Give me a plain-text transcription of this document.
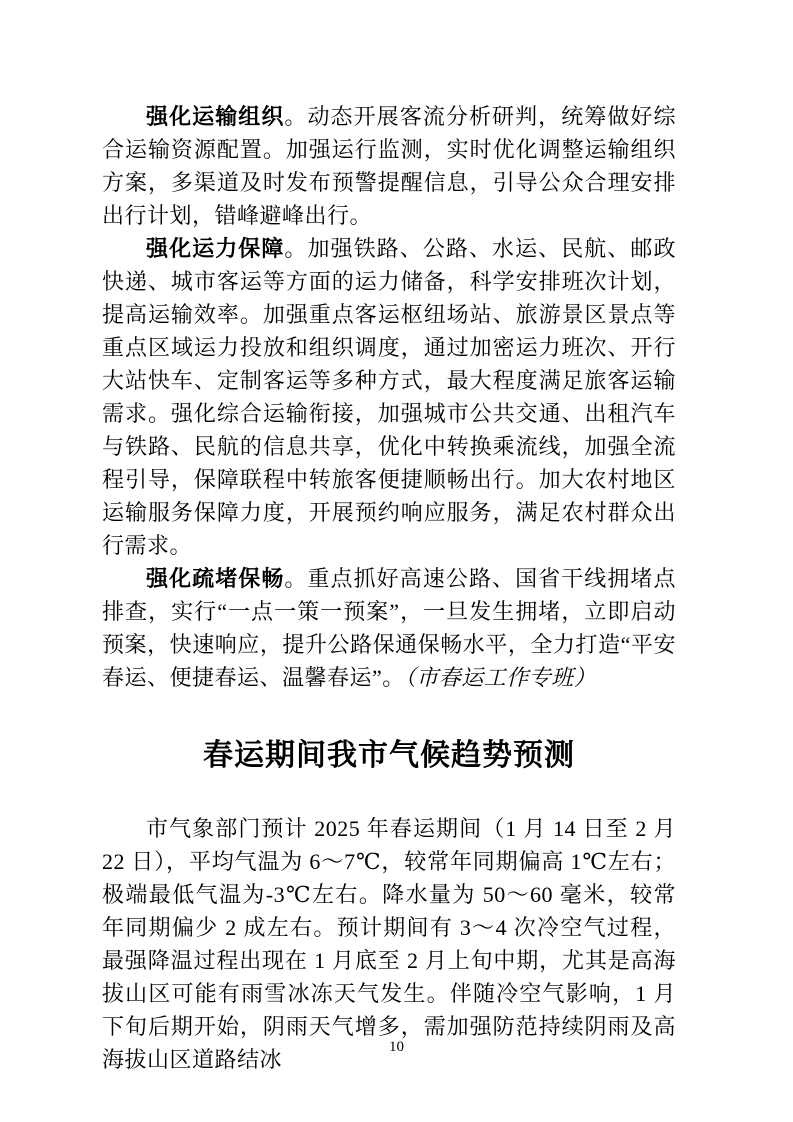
强化运输组织。动态开展客流分析研判，统筹做好综合运输资源配置。加强运行监测，实时优化调整运输组织方案，多渠道及时发布预警提醒信息，引导公众合理安排出行计划，错峰避峰出行。

强化运力保障。加强铁路、公路、水运、民航、邮政快递、城市客运等方面的运力储备，科学安排班次计划，提高运输效率。加强重点客运枢纽场站、旅游景区景点等重点区域运力投放和组织调度，通过加密运力班次、开行大站快车、定制客运等多种方式，最大程度满足旅客运输需求。强化综合运输衔接，加强城市公共交通、出租汽车与铁路、民航的信息共享，优化中转换乘流线，加强全流程引导，保障联程中转旅客便捷顺畅出行。加大农村地区运输服务保障力度，开展预约响应服务，满足农村群众出行需求。

强化疏堵保畅。重点抓好高速公路、国省干线拥堵点排查，实行“一点一策一预案”，一旦发生拥堵，立即启动预案，快速响应，提升公路保通保畅水平，全力打造“平安春运、便捷春运、温馨春运”。（市春运工作专班）

春运期间我市气候趋势预测

市气象部门预计 2025 年春运期间（1 月 14 日至 2 月 22 日），平均气温为 6～7℃，较常年同期偏高 1℃左右；极端最低气温为-3℃左右。降水量为 50～60 毫米，较常年同期偏少 2 成左右。预计期间有 3～4 次冷空气过程，最强降温过程出现在 1 月底至 2 月上旬中期，尤其是高海拔山区可能有雨雪冰冻天气发生。伴随冷空气影响，1 月下旬后期开始，阴雨天气增多，需加强防范持续阴雨及高海拔山区道路结冰	10
